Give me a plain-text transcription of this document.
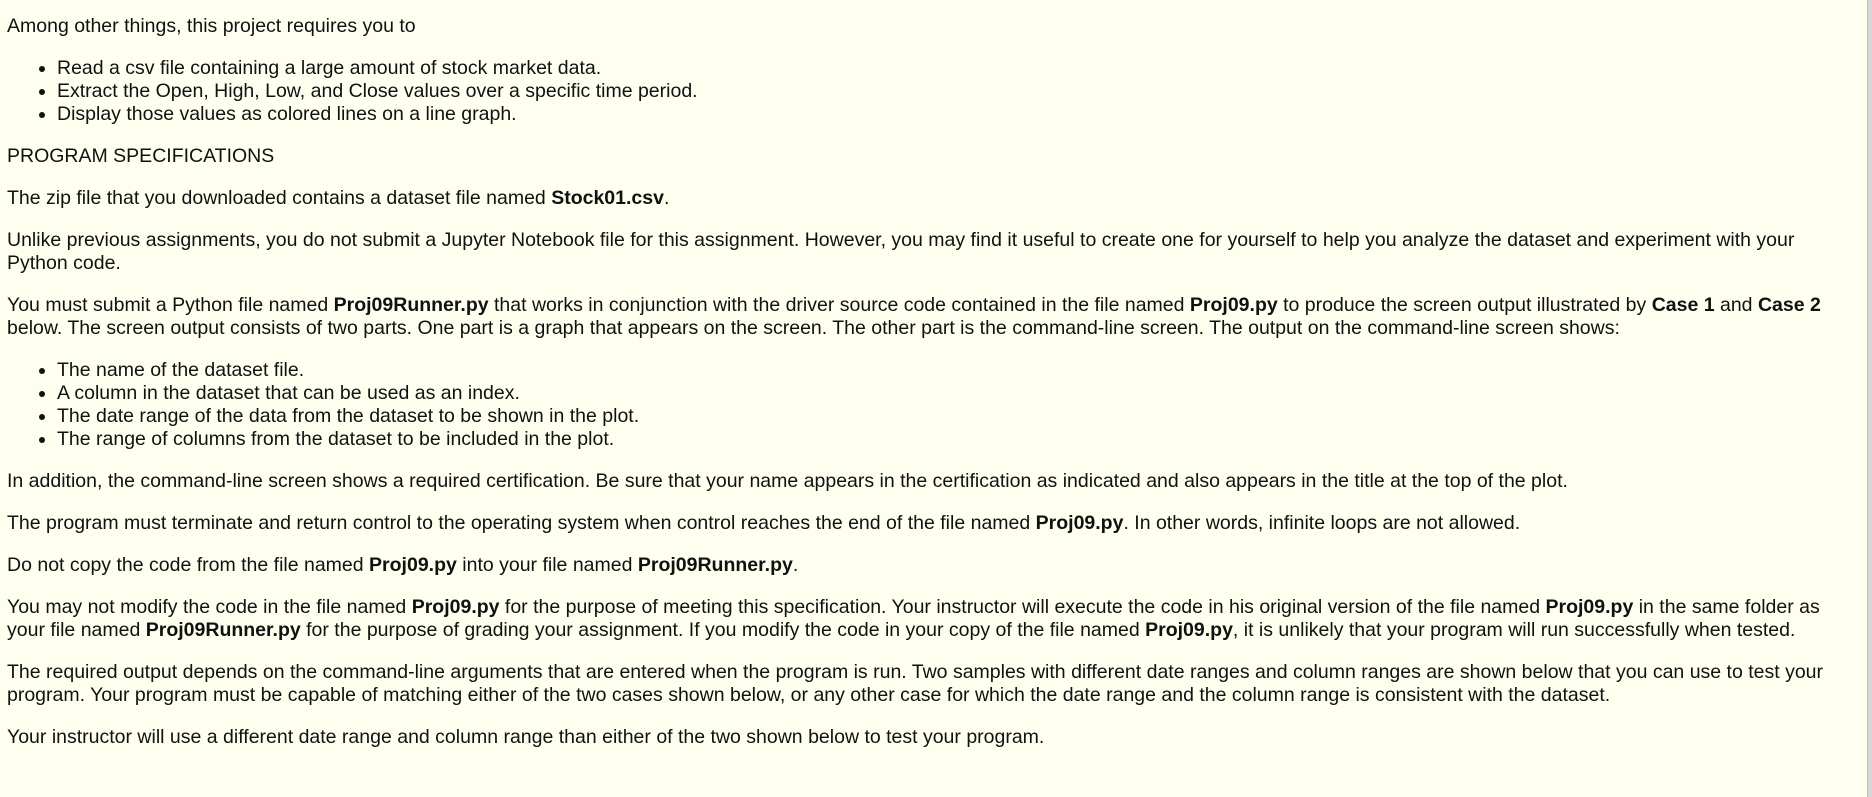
Among other things, this project requires you to

• Read a csv file containing a large amount of stock market data.
• Extract the Open, High, Low, and Close values over a specific time period.
• Display those values as colored lines on a line graph.

PROGRAM SPECIFICATIONS

The zip file that you downloaded contains a dataset file named Stock01.csv.

Unlike previous assignments, you do not submit a Jupyter Notebook file for this assignment. However, you may find it useful to create one for yourself to help you analyze the dataset and experiment with your Python code.

You must submit a Python file named Proj09Runner.py that works in conjunction with the driver source code contained in the file named Proj09.py to produce the screen output illustrated by Case 1 and Case 2 below. The screen output consists of two parts. One part is a graph that appears on the screen. The other part is the command-line screen. The output on the command-line screen shows:

• The name of the dataset file.
• A column in the dataset that can be used as an index.
• The date range of the data from the dataset to be shown in the plot.
• The range of columns from the dataset to be included in the plot.

In addition, the command-line screen shows a required certification. Be sure that your name appears in the certification as indicated and also appears in the title at the top of the plot.

The program must terminate and return control to the operating system when control reaches the end of the file named Proj09.py. In other words, infinite loops are not allowed.

Do not copy the code from the file named Proj09.py into your file named Proj09Runner.py.

You may not modify the code in the file named Proj09.py for the purpose of meeting this specification. Your instructor will execute the code in his original version of the file named Proj09.py in the same folder as your file named Proj09Runner.py for the purpose of grading your assignment. If you modify the code in your copy of the file named Proj09.py, it is unlikely that your program will run successfully when tested.

The required output depends on the command-line arguments that are entered when the program is run. Two samples with different date ranges and column ranges are shown below that you can use to test your program. Your program must be capable of matching either of the two cases shown below, or any other case for which the date range and the column range is consistent with the dataset.

Your instructor will use a different date range and column range than either of the two shown below to test your program.
